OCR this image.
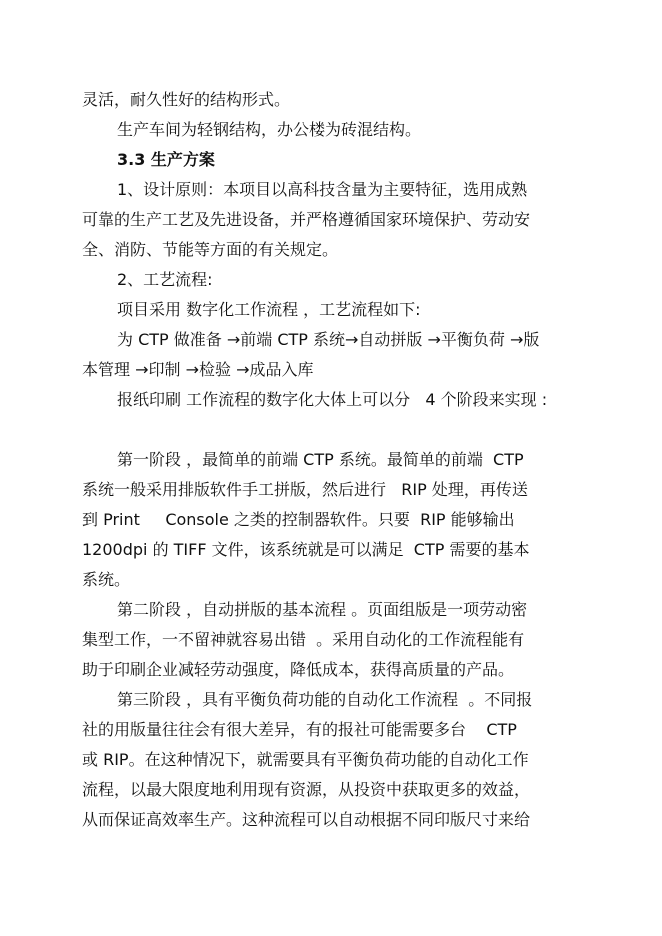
灵活，耐久性好的结构形式。

生产车间为轻钢结构，办公楼为砖混结构。

3.3 生产方案

1、设计原则：本项目以高科技含量为主要特征，选用成熟

可靠的生产工艺及先进设备，并严格遵循国家环境保护、劳动安

全、消防、节能等方面的有关规定。

2、工艺流程:

项目采用 数字化工作流程 ，工艺流程如下:

为 CTP 做准备 →前端 CTP 系统→自动拼版 →平衡负荷 →版

本管理 →印制 →检验 →成品入库

报纸印刷 工作流程的数字化大体上可以分   4 个阶段来实现 :

第一阶段 ，最简单的前端 CTP 系统。最简单的前端  CTP

系统一般采用排版软件手工拼版，然后进行   RIP 处理，再传送

到 Print     Console 之类的控制器软件。只要  RIP 能够输出

1200dpi 的 TIFF 文件，该系统就是可以满足  CTP 需要的基本

系统。

第二阶段 ，自动拼版的基本流程 。页面组版是一项劳动密

集型工作，一不留神就容易出错  。采用自动化的工作流程能有

助于印刷企业减轻劳动强度，降低成本，获得高质量的产品。

第三阶段 ，具有平衡负荷功能的自动化工作流程  。不同报

社的用版量往往会有很大差异，有的报社可能需要多台    CTP

或 RIP。在这种情况下，就需要具有平衡负荷功能的自动化工作

流程，以最大限度地利用现有资源，从投资中获取更多的效益，

从而保证高效率生产。这种流程可以自动根据不同印版尺寸来给
